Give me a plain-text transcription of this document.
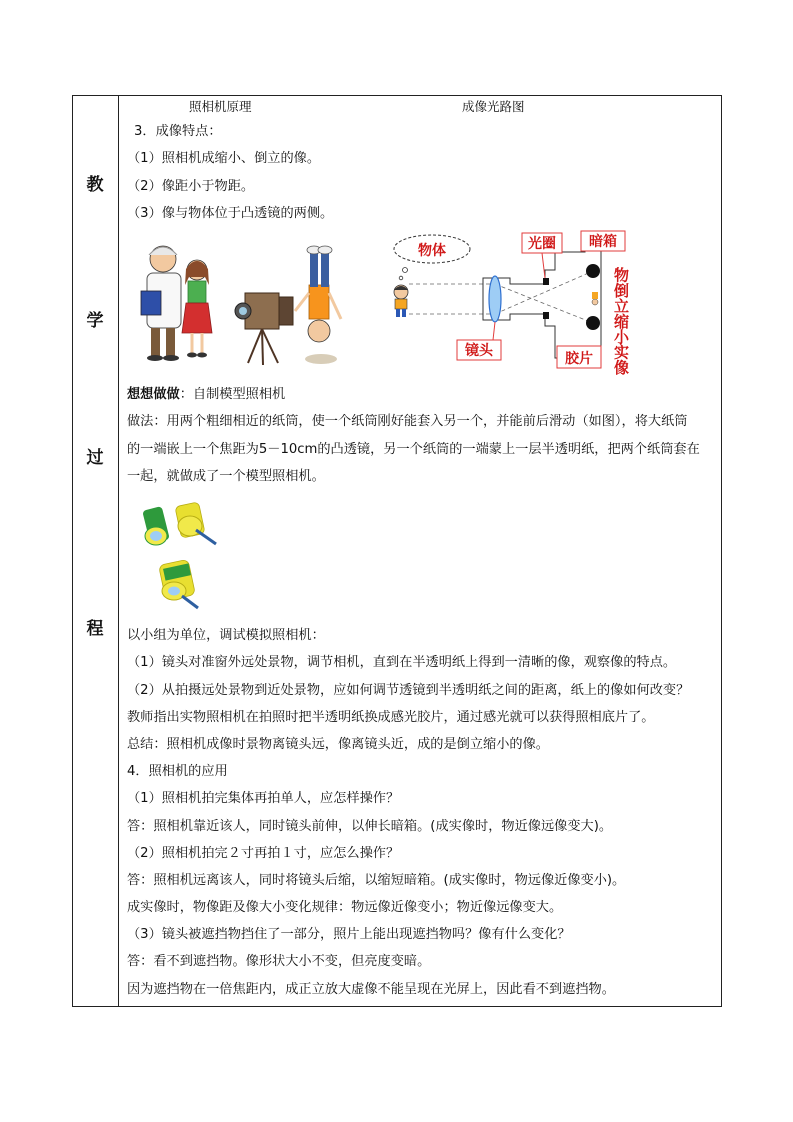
教
学
过
程
照相机原理	成像光路图
3．成像特点：
（1）照相机成缩小、倒立的像。
（2）像距小于物距。
（3）像与物体位于凸透镜的两侧。
物体	光圈 暗箱
镜头	胶片 物倒立缩小实像
想想做做：自制模型照相机
做法：用两个粗细相近的纸筒，使一个纸筒刚好能套入另一个，并能前后滑动（如图），将大纸筒
的一端嵌上一个焦距为5－10cm的凸透镜，另一个纸筒的一端蒙上一层半透明纸，把两个纸筒套在
一起，就做成了一个模型照相机。
以小组为单位，调试模拟照相机：
（1）镜头对准窗外远处景物，调节相机，直到在半透明纸上得到一清晰的像，观察像的特点。
（2）从拍摄远处景物到近处景物，应如何调节透镜到半透明纸之间的距离，纸上的像如何改变？
教师指出实物照相机在拍照时把半透明纸换成感光胶片，通过感光就可以获得照相底片了。
总结：照相机成像时景物离镜头远，像离镜头近，成的是倒立缩小的像。
4．照相机的应用
（1）照相机拍完集体再拍单人，应怎样操作？
答：照相机靠近该人，同时镜头前伸，以伸长暗箱。(成实像时，物近像远像变大)。
（2）照相机拍完２寸再拍１寸，应怎么操作？
答：照相机远离该人，同时将镜头后缩，以缩短暗箱。(成实像时，物远像近像变小)。
成实像时，物像距及像大小变化规律：物远像近像变小；物近像远像变大。
（3）镜头被遮挡物挡住了一部分，照片上能出现遮挡物吗？像有什么变化？
答：看不到遮挡物。像形状大小不变，但亮度变暗。
因为遮挡物在一倍焦距内，成正立放大虚像不能呈现在光屏上，因此看不到遮挡物。
